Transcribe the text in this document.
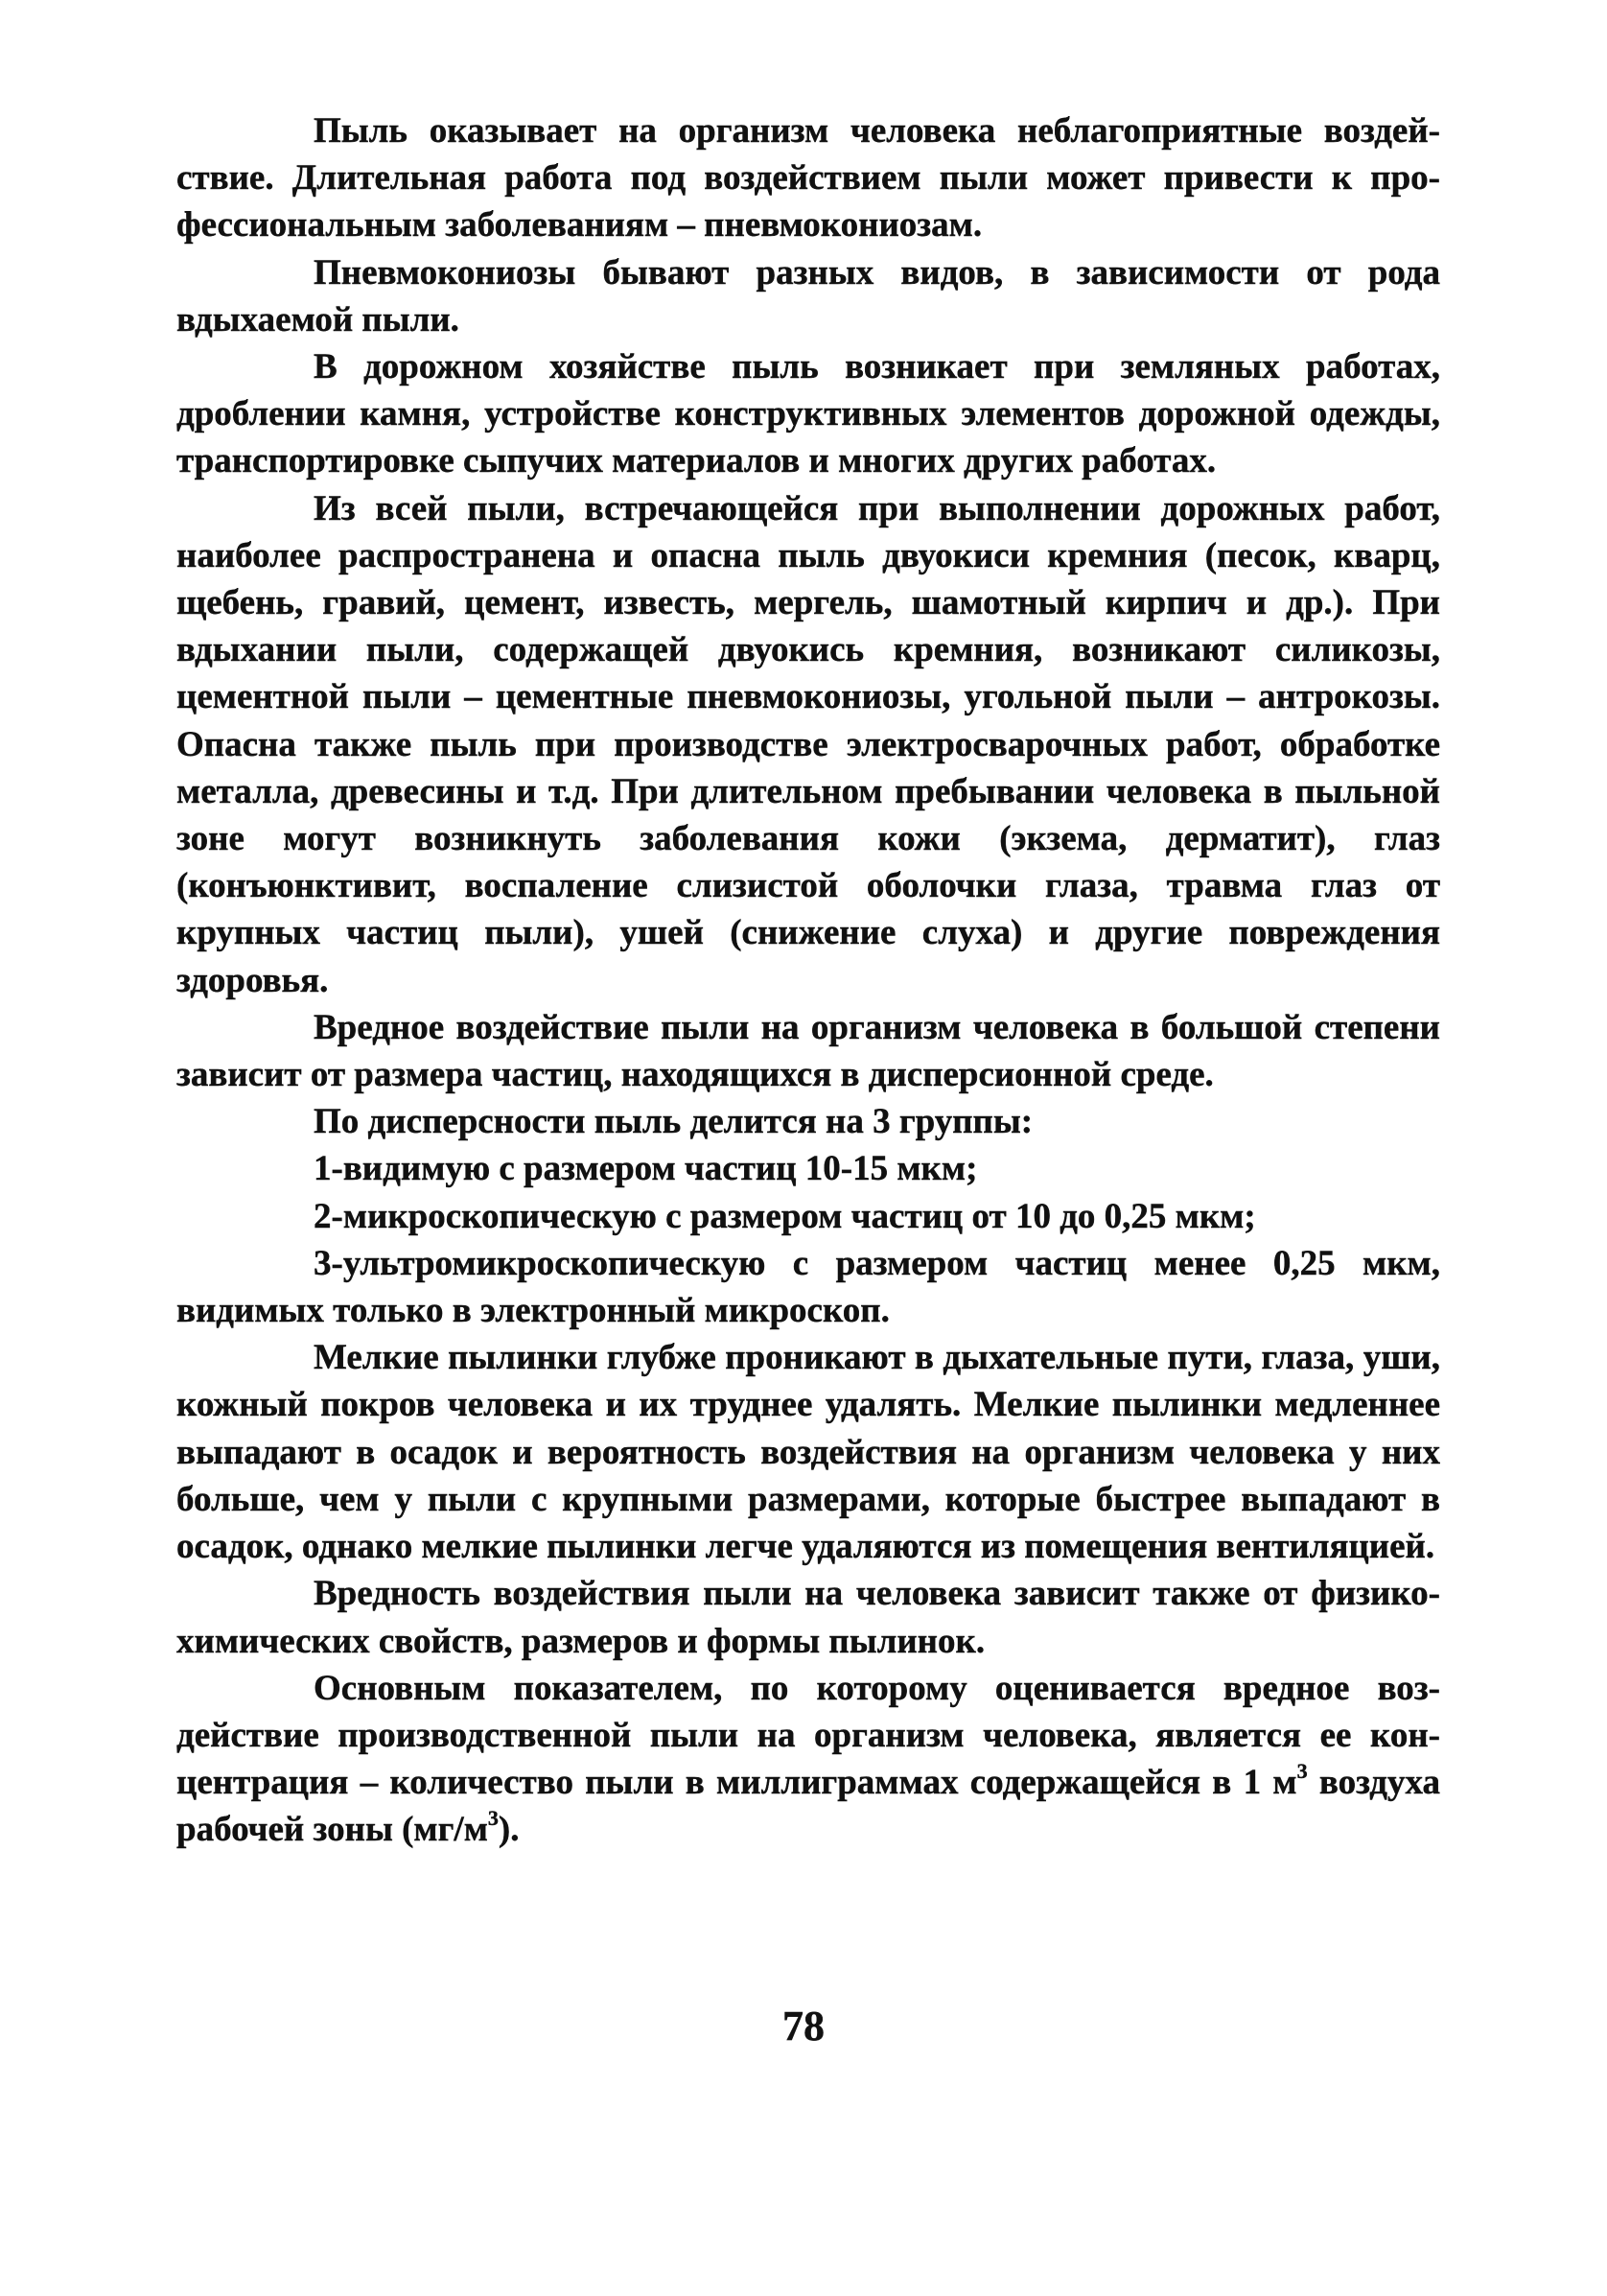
Пыль оказывает на организм человека неблагоприятные воздействие. Длительная работа под воздействием пыли может привести к профессиональным заболеваниям – пневмокониозам.

Пневмокониозы бывают разных видов, в зависимости от рода вдыхаемой пыли.

В дорожном хозяйстве пыль возникает при земляных работах, дроблении камня, устройстве конструктивных элементов дорожной одежды, транспортировке сыпучих материалов и многих других работах.

Из всей пыли, встречающейся при выполнении дорожных работ, наиболее распространена и опасна пыль двуокиси кремния (песок, кварц, щебень, гравий, цемент, известь, мергель, шамотный кирпич и др.). При вдыхании пыли, содержащей двуокись кремния, возникают силикозы, цементной пыли – цементные пневмокониозы, угольной пыли – антрокозы. Опасна также пыль при производстве электросварочных работ, обработке металла, древесины и т.д. При длительном пребывании человека в пыльной зоне могут возникнуть заболевания кожи (экзема, дерматит), глаз (конъюнктивит, воспаление слизистой оболочки глаза, травма глаз от крупных частиц пыли), ушей (снижение слуха) и другие повреждения здоровья.

Вредное воздействие пыли на организм человека в большой степени зависит от размера частиц, находящихся в дисперсионной среде.

По дисперсности пыль делится на 3 группы:

1-видимую с размером частиц 10-15 мкм;

2-микроскопическую с размером частиц от 10 до 0,25 мкм;

3-ультромикроскопическую с размером частиц менее 0,25 мкм, видимых только в электронный микроскоп.

Мелкие пылинки глубже проникают в дыхательные пути, глаза, уши, кожный покров человека и их труднее удалять. Мелкие пылинки медленнее выпадают в осадок и вероятность воздействия на организм человека у них больше, чем у пыли с крупными размерами, которые быстрее выпадают в осадок, однако мелкие пылинки легче удаляются из помещения вентиляцией.

Вредность воздействия пыли на человека зависит также от физико-химических свойств, размеров и формы пылинок.

Основным показателем, по которому оценивается вредное воздействие производственной пыли на организм человека, является ее концентрация – количество пыли в миллиграммах содержащейся в 1 $м^3$ воздуха рабочей зоны $(мг/м^3)$.

78
